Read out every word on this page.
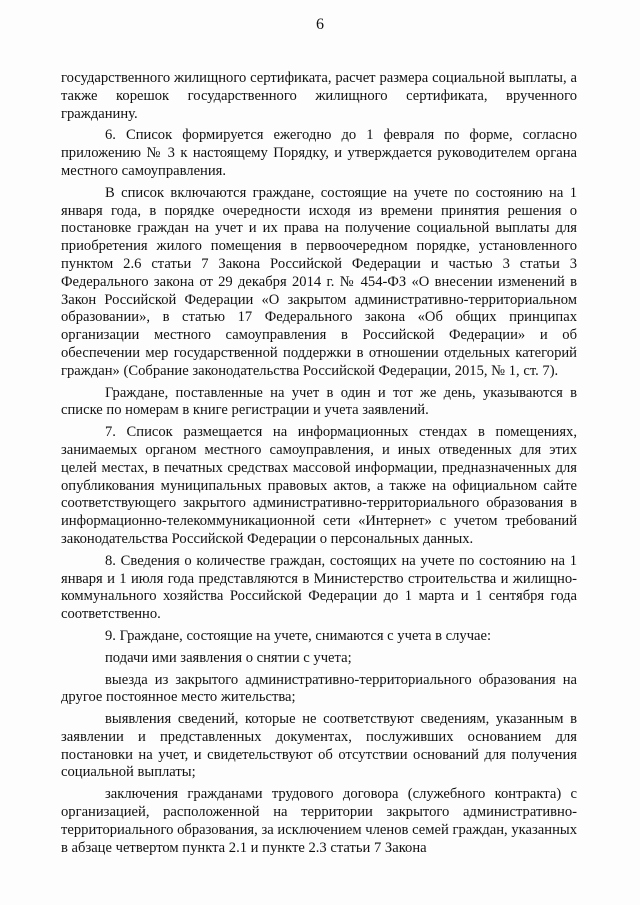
6

государственного жилищного сертификата, расчет размера социальной выплаты, а также корешок государственного жилищного сертификата, врученного гражданину.

6. Список формируется ежегодно до 1 февраля по форме, согласно приложению № 3 к настоящему Порядку, и утверждается руководителем органа местного самоуправления.

В список включаются граждане, состоящие на учете по состоянию на 1 января года, в порядке очередности исходя из времени принятия решения о постановке граждан на учет и их права на получение социальной выплаты для приобретения жилого помещения в первоочередном порядке, установленного пунктом 2.6 статьи 7 Закона Российской Федерации и частью 3 статьи 3 Федерального закона от 29 декабря 2014 г. № 454-ФЗ «О внесении изменений в Закон Российской Федерации «О закрытом административно-территориальном образовании», в статью 17 Федерального закона «Об общих принципах организации местного самоуправления в Российской Федерации» и об обеспечении мер государственной поддержки в отношении отдельных категорий граждан» (Собрание законодательства Российской Федерации, 2015, № 1, ст. 7).

Граждане, поставленные на учет в один и тот же день, указываются в списке по номерам в книге регистрации и учета заявлений.

7. Список размещается на информационных стендах в помещениях, занимаемых органом местного самоуправления, и иных отведенных для этих целей местах, в печатных средствах массовой информации, предназначенных для опубликования муниципальных правовых актов, а также на официальном сайте соответствующего закрытого административно-территориального образования в информационно-телекоммуникационной сети «Интернет» с учетом требований законодательства Российской Федерации о персональных данных.

8. Сведения о количестве граждан, состоящих на учете по состоянию на 1 января и 1 июля года представляются в Министерство строительства и жилищно-коммунального хозяйства Российской Федерации до 1 марта и 1 сентября года соответственно.

9. Граждане, состоящие на учете, снимаются с учета в случае:

подачи ими заявления о снятии с учета;

выезда из закрытого административно-территориального образования на другое постоянное место жительства;

выявления сведений, которые не соответствуют сведениям, указанным в заявлении и представленных документах, послуживших основанием для постановки на учет, и свидетельствуют об отсутствии оснований для получения социальной выплаты;

заключения гражданами трудового договора (служебного контракта) с организацией, расположенной на территории закрытого административно-территориального образования, за исключением членов семей граждан, указанных в абзаце четвертом пункта 2.1 и пункте 2.3 статьи 7 Закона
